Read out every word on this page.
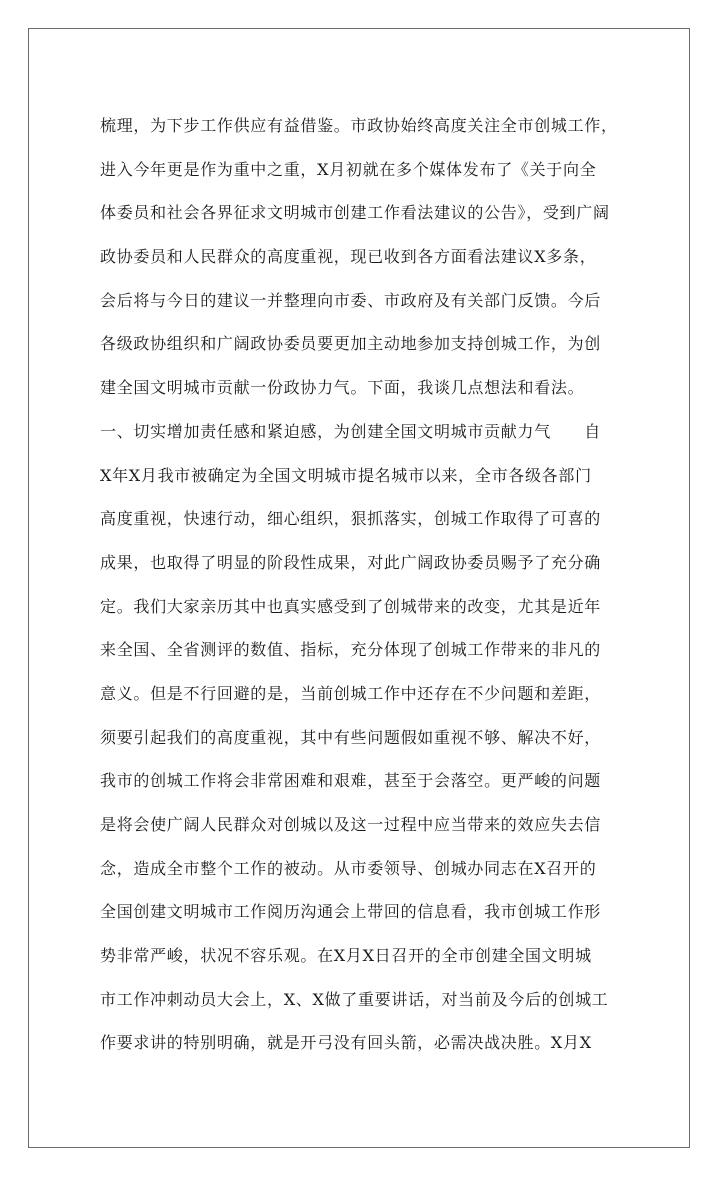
梳理，为下步工作供应有益借鉴。市政协始终高度关注全市创城工作，
进入今年更是作为重中之重，X月初就在多个媒体发布了《关于向全
体委员和社会各界征求文明城市创建工作看法建议的公告》，受到广阔
政协委员和人民群众的高度重视，现已收到各方面看法建议X多条，
会后将与今日的建议一并整理向市委、市政府及有关部门反馈。今后
各级政协组织和广阔政协委员要更加主动地参加支持创城工作，为创
建全国文明城市贡献一份政协力气。下面，我谈几点想法和看法。
一、切实增加责任感和紧迫感，为创建全国文明城市贡献力气　　自
X年X月我市被确定为全国文明城市提名城市以来，全市各级各部门
高度重视，快速行动，细心组织，狠抓落实，创城工作取得了可喜的
成果，也取得了明显的阶段性成果，对此广阔政协委员赐予了充分确
定。我们大家亲历其中也真实感受到了创城带来的改变，尤其是近年
来全国、全省测评的数值、指标，充分体现了创城工作带来的非凡的
意义。但是不行回避的是，当前创城工作中还存在不少问题和差距，
须要引起我们的高度重视，其中有些问题假如重视不够、解决不好，
我市的创城工作将会非常困难和艰难，甚至于会落空。更严峻的问题
是将会使广阔人民群众对创城以及这一过程中应当带来的效应失去信
念，造成全市整个工作的被动。从市委领导、创城办同志在X召开的
全国创建文明城市工作阅历沟通会上带回的信息看，我市创城工作形
势非常严峻，状况不容乐观。在X月X日召开的全市创建全国文明城
市工作冲刺动员大会上，X、X做了重要讲话，对当前及今后的创城工
作要求讲的特别明确，就是开弓没有回头箭，必需决战决胜。X月X
